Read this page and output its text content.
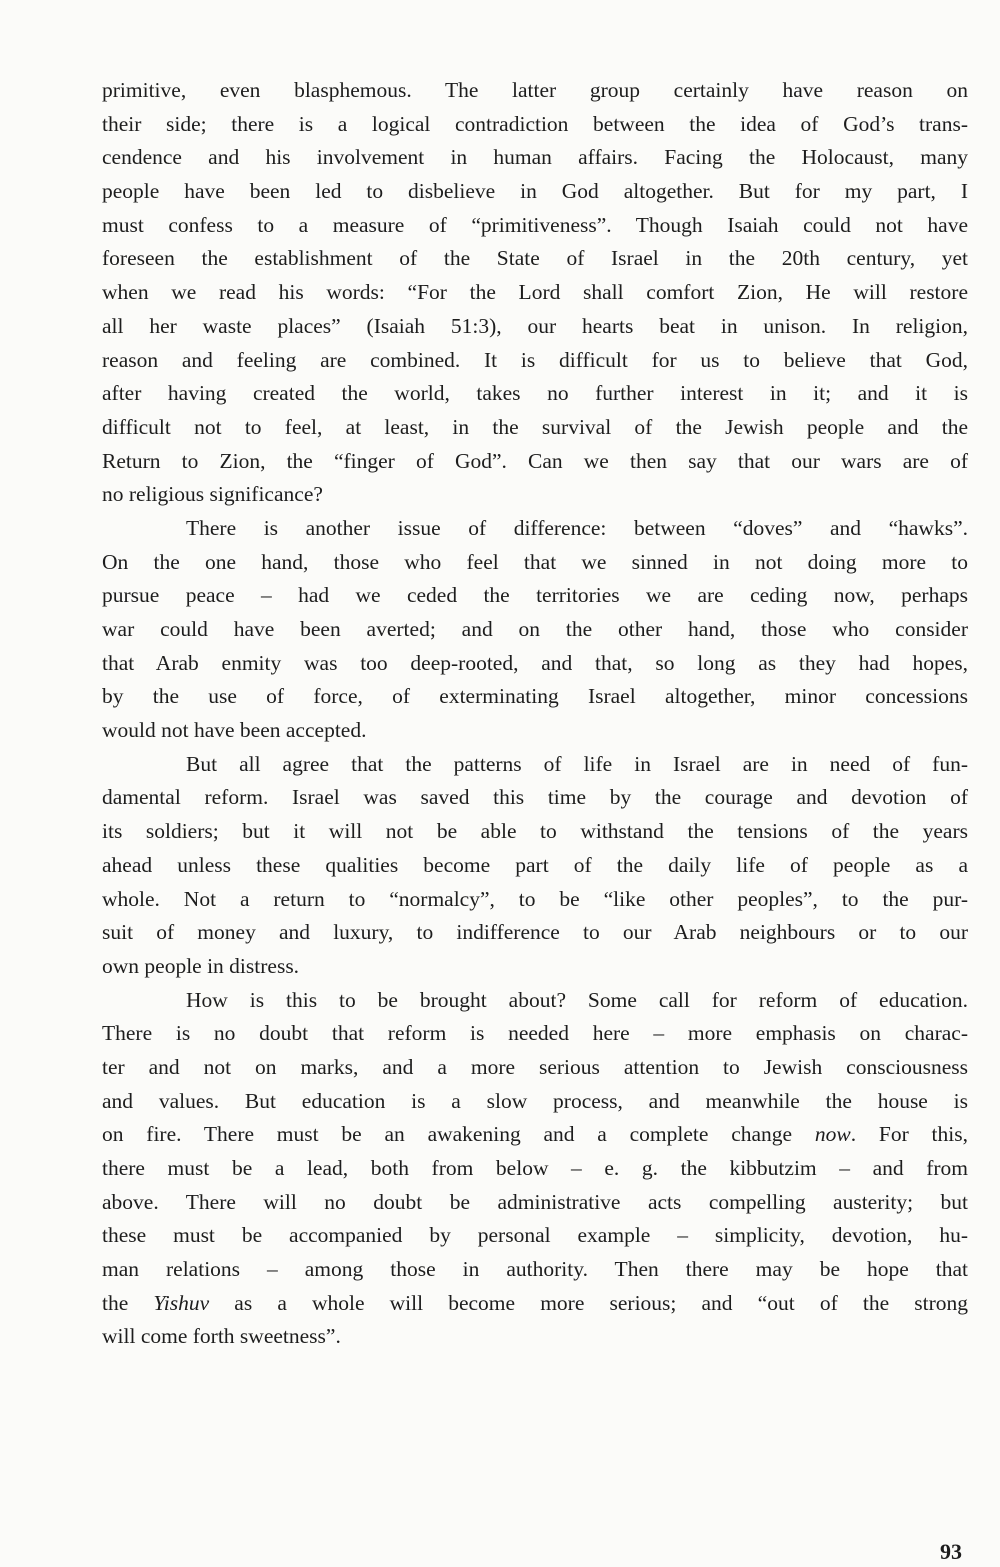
primitive, even blasphemous. The latter group certainly have reason on
their side; there is a logical contradiction between the idea of God’s trans-
cendence and his involvement in human affairs. Facing the Holocaust, many
people have been led to disbelieve in God altogether. But for my part, I
must confess to a measure of “primitiveness”. Though Isaiah could not have
foreseen the establishment of the State of Israel in the 20th century, yet
when we read his words: “For the Lord shall comfort Zion, He will restore
all her waste places” (Isaiah 51:3), our hearts beat in unison. In religion,
reason and feeling are combined. It is difficult for us to believe that God,
after having created the world, takes no further interest in it; and it is
difficult not to feel, at least, in the survival of the Jewish people and the
Return to Zion, the “finger of God”. Can we then say that our wars are of
no religious significance?
There is another issue of difference: between “doves” and “hawks”.
On the one hand, those who feel that we sinned in not doing more to
pursue peace – had we ceded the territories we are ceding now, perhaps
war could have been averted; and on the other hand, those who consider
that Arab enmity was too deep-rooted, and that, so long as they had hopes,
by the use of force, of exterminating Israel altogether, minor concessions
would not have been accepted.
But all agree that the patterns of life in Israel are in need of fun-
damental reform. Israel was saved this time by the courage and devotion of
its soldiers; but it will not be able to withstand the tensions of the years
ahead unless these qualities become part of the daily life of people as a
whole. Not a return to “normalcy”, to be “like other peoples”, to the pur-
suit of money and luxury, to indifference to our Arab neighbours or to our
own people in distress.
How is this to be brought about? Some call for reform of education.
There is no doubt that reform is needed here – more emphasis on charac-
ter and not on marks, and a more serious attention to Jewish consciousness
and values. But education is a slow process, and meanwhile the house is
on fire. There must be an awakening and a complete change now. For this,
there must be a lead, both from below – e. g. the kibbutzim – and from
above. There will no doubt be administrative acts compelling austerity; but
these must be accompanied by personal example – simplicity, devotion, hu-
man relations – among those in authority. Then there may be hope that
the Yishuv as a whole will become more serious; and “out of the strong
will come forth sweetness”.
93
